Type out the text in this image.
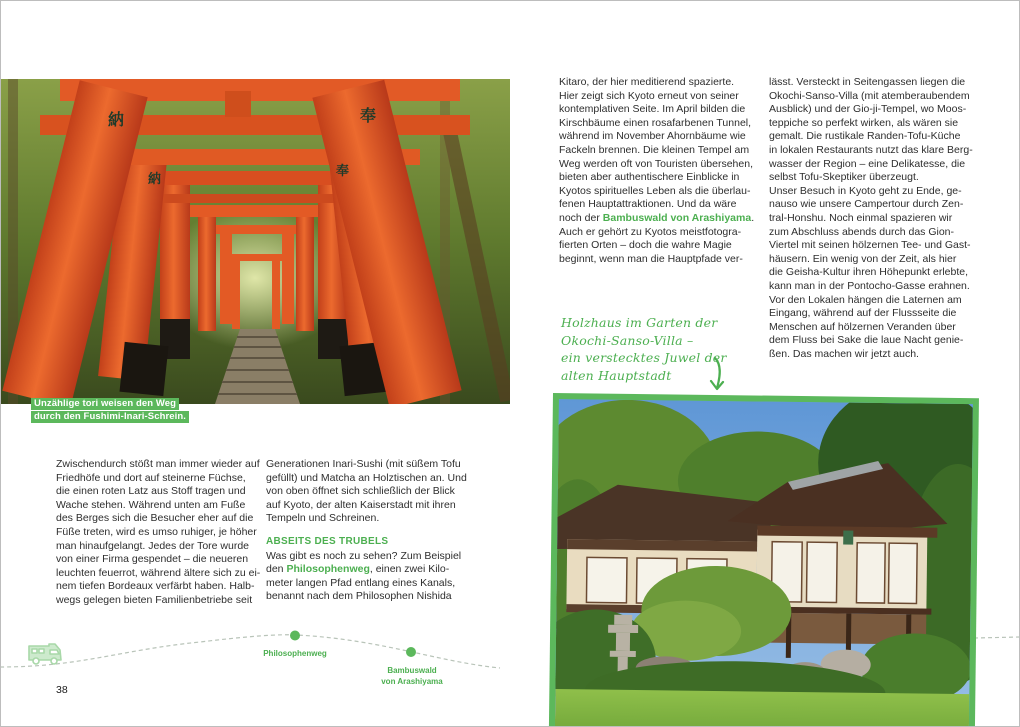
納	奉
納
奉
Unzählige tori weisen den Weg
durch den Fushimi-Inari-Schrein.

Zwischendurch stößt man immer wieder auf

Friedhöfe und dort auf steinerne Füchse,

die einen roten Latz aus Stoff tragen und

Wache stehen. Während unten am Fuße

des Berges sich die Besucher eher auf die

Füße treten, wird es umso ruhiger, je höher

man hinaufgelangt. Jedes der Tore wurde

von einer Firma gespendet – die neueren

leuchten feuerrot, während ältere sich zu ei-

nem tiefen Bordeaux verfärbt haben. Halb-

wegs gelegen bieten Familienbetriebe seit

Generationen Inari-Sushi (mit süßem Tofu

gefüllt) und Matcha an Holztischen an. Und

von oben öffnet sich schließlich der Blick

auf Kyoto, der alten Kaiserstadt mit ihren

Tempeln und Schreinen.

ABSEITS DES TRUBELS

Was gibt es noch zu sehen? Zum Beispiel

den Philosophenweg, einen zwei Kilo-

meter langen Pfad entlang eines Kanals,

benannt nach dem Philosophen Nishida

Philosophenweg
Bambuswald
von Arashiyama
38

Kitaro, der hier meditierend spazierte.

Hier zeigt sich Kyoto erneut von seiner

kontemplativen Seite. Im April bilden die

Kirschbäume einen rosafarbenen Tunnel,

während im November Ahornbäume wie

Fackeln brennen. Die kleinen Tempel am

Weg werden oft von Touristen übersehen,

bieten aber authentischere Einblicke in

Kyotos spirituelles Leben als die überlau-

fenen Hauptattraktionen. Und da wäre

noch der Bambuswald von Arashiyama.

Auch er gehört zu Kyotos meistfotogra-

fierten Orten – doch die wahre Magie

beginnt, wenn man die Hauptpfade ver-

lässt. Versteckt in Seitengassen liegen die

Okochi-Sanso-Villa (mit atemberaubendem

Ausblick) und der Gio-ji-Tempel, wo Moos-

teppiche so perfekt wirken, als wären sie

gemalt. Die rustikale Randen-Tofu-Küche

in lokalen Restaurants nutzt das klare Berg-

wasser der Region – eine Delikatesse, die

selbst Tofu-Skeptiker überzeugt.

Unser Besuch in Kyoto geht zu Ende, ge-

nauso wie unsere Campertour durch Zen-

tral-Honshu. Noch einmal spazieren wir

zum Abschluss abends durch das Gion-

Viertel mit seinen hölzernen Tee- und Gast-

häusern. Ein wenig von der Zeit, als hier

die Geisha-Kultur ihren Höhepunkt erlebte,

kann man in der Pontocho-Gasse erahnen.

Vor den Lokalen hängen die Laternen am

Eingang, während auf der Flussseite die

Menschen auf hölzernen Veranden über

dem Fluss bei Sake die laue Nacht genie-

ßen. Das machen wir jetzt auch.

Holzhaus im Garten der

Okochi-Sanso-Villa –

ein verstecktes Juwel der

alten Hauptstadt
